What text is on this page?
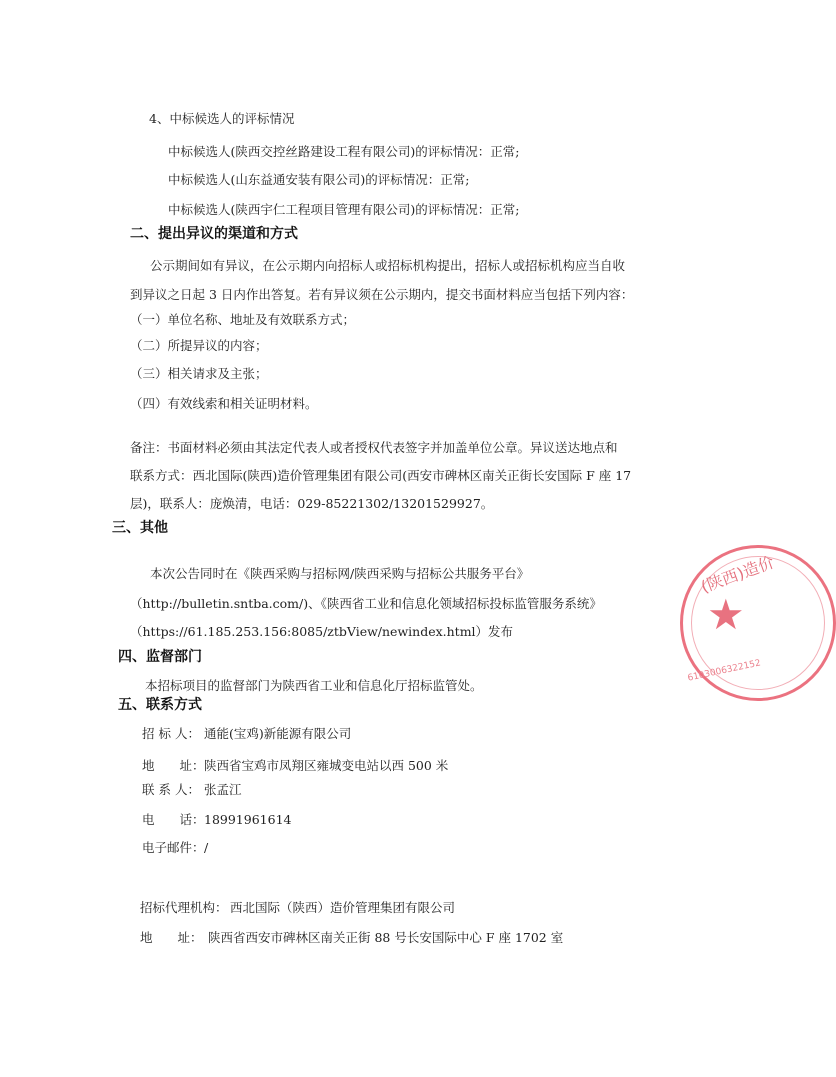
4、中标候选人的评标情况
中标候选人(陕西交控丝路建设工程有限公司)的评标情况：正常;
中标候选人(山东益通安装有限公司)的评标情况：正常;
中标候选人(陕西宇仁工程项目管理有限公司)的评标情况：正常;
二、提出异议的渠道和方式
公示期间如有异议，在公示期内向招标人或招标机构提出，招标人或招标机构应当自收
到异议之日起 3 日内作出答复。若有异议须在公示期内，提交书面材料应当包括下列内容：
（一）单位名称、地址及有效联系方式；
（二）所提异议的内容；
（三）相关请求及主张；
（四）有效线索和相关证明材料。
备注：书面材料必须由其法定代表人或者授权代表签字并加盖单位公章。异议送达地点和
联系方式：西北国际(陕西)造价管理集团有限公司(西安市碑林区南关正街长安国际 F 座 17
层)，联系人：庞焕清，电话：029-85221302/13201529927。
三、其他
本次公告同时在《陕西采购与招标网/陕西采购与招标公共服务平台》
（http://bulletin.sntba.com/)、《陕西省工业和信息化领域招标投标监管服务系统》
（https://61.185.253.156:8085/ztbView/newindex.html）发布
四、监督部门
本招标项目的监督部门为陕西省工业和信息化厅招标监管处。
五、联系方式
招 标 人： 通能(宝鸡)新能源有限公司
地　　址： 陕西省宝鸡市凤翔区雍城变电站以西 500 米
联 系 人： 张孟江
电　　话： 18991961614
电子邮件： /
招标代理机构： 西北国际（陕西）造价管理集团有限公司
地　　址： 陕西省西安市碑林区南关正街 88 号长安国际中心 F 座 1702 室
(陕西)造价
★
6103006322152
